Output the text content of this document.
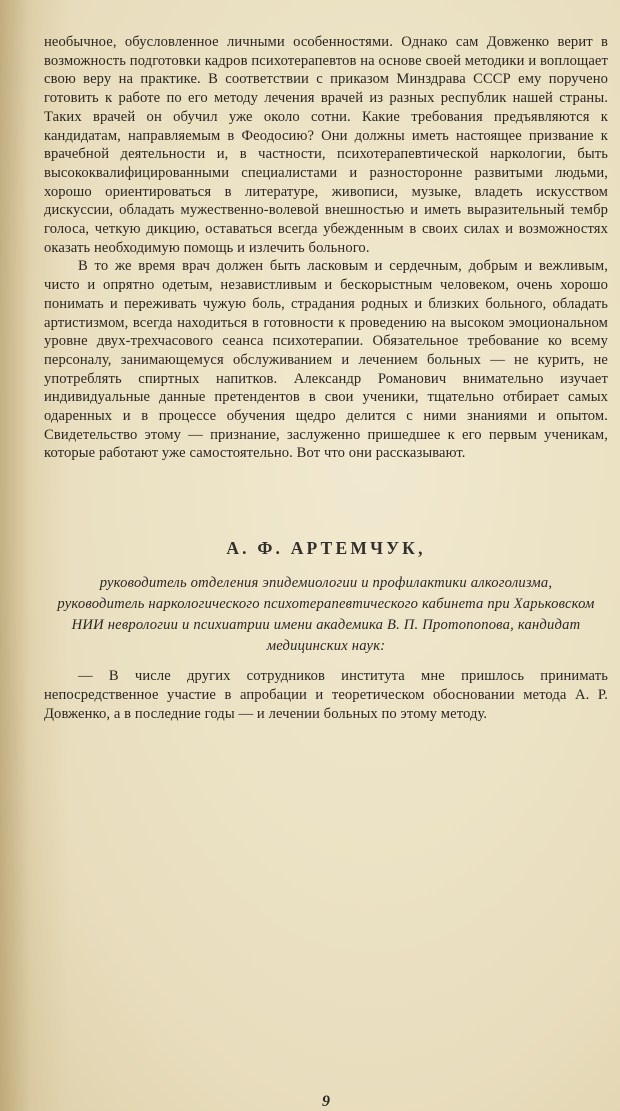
необычное, обусловленное личными особенностями. Однако сам Довженко верит в возможность подготовки кадров психотерапевтов на основе своей методики и воплощает свою веру на практике. В соответствии с приказом Минздрава СССР ему поручено готовить к работе по его методу лечения врачей из разных республик нашей страны. Таких врачей он обучил уже около сотни. Какие требования предъявляются к кандидатам, направляемым в Феодосию? Они должны иметь настоящее призвание к врачебной деятельности и, в частности, психотерапевтической наркологии, быть высококвалифицированными специалистами и разносторонне развитыми людьми, хорошо ориентироваться в литературе, живописи, музыке, владеть искусством дискуссии, обладать мужественно-волевой внешностью и иметь выразительный тембр голоса, четкую дикцию, оставаться всегда убежденным в своих силах и возможностях оказать необходимую помощь и излечить больного.

В то же время врач должен быть ласковым и сердечным, добрым и вежливым, чисто и опрятно одетым, независтливым и бескорыстным человеком, очень хорошо понимать и переживать чужую боль, страдания родных и близких больного, обладать артистизмом, всегда находиться в готовности к проведению на высоком эмоциональном уровне двух-трехчасового сеанса психотерапии. Обязательное требование ко всему персоналу, занимающемуся обслуживанием и лечением больных — не курить, не употреблять спиртных напитков. Александр Романович внимательно изучает индивидуальные данные претендентов в свои ученики, тщательно отбирает самых одаренных и в процессе обучения щедро делится с ними знаниями и опытом. Свидетельство этому — признание, заслуженно пришедшее к его первым ученикам, которые работают уже самостоятельно. Вот что они рассказывают.

А. Ф. АРТЕМЧУК,

руководитель отделения эпидемиологии и профилактики алкоголизма, руководитель наркологического психотерапевтического кабинета при Харьковском НИИ неврологии и психиатрии имени академика В. П. Протопопова, кандидат медицинских наук:

— В числе других сотрудников института мне пришлось принимать непосредственное участие в апробации и теоретическом обосновании метода А. Р. Довженко, а в последние годы — и лечении больных по этому методу.

9
